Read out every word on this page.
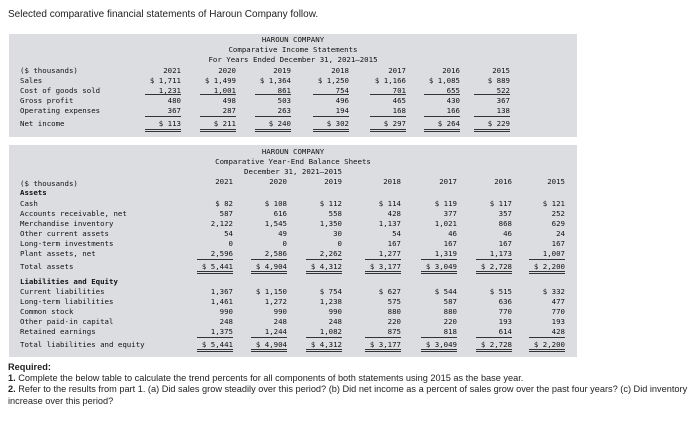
Selected comparative financial statements of Haroun Company follow.
HAROUN COMPANY
Comparative Income Statements
For Years Ended December 31, 2021–2015
($ thousands)	2021	2020	2019	2018	2017	2016	2015
Sales	$ 1,711	$ 1,499	$ 1,364	$ 1,250	$ 1,166	$ 1,085	$ 889
Cost of goods sold	1,231	1,001	861	754	701	655	522
Gross profit	480	498	503	496	465	430	367
Operating expenses	367	287	263	194	168	166	138
Net income	$ 113	$ 211	$ 240	$ 302	$ 297	$ 264	$ 229
HAROUN COMPANY
Comparative Year-End Balance Sheets
December 31, 2021–2015
($ thousands)
Assets
Liabilities and Equity
2021	2020	2019	2018	2017	2016	2015
Cash	$ 82	$ 108	$ 112	$ 114	$ 119	$ 117	$ 121
Accounts receivable, net	587	616	558	428	377	357	252
Merchandise inventory	2,122	1,545	1,350	1,137	1,021	868	629
Other current assets	54	49	30	54	46	46	24
Long-term investments	0	0	0	167	167	167	167
Plant assets, net	2,596	2,586	2,262	1,277	1,319	1,173	1,007
Total assets	$ 5,441	$ 4,904	$ 4,312	$ 3,177	$ 3,049	$ 2,728	$ 2,200
Current liabilities	1,367	$ 1,150	$ 754	$ 627	$ 544	$ 515	$ 332
Long-term liabilities	1,461	1,272	1,238	575	587	636	477
Common stock	990	990	990	880	880	770	770
Other paid-in capital	248	248	248	220	220	193	193
Retained earnings	1,375	1,244	1,082	875	818	614	428
Total liabilities and equity	$ 5,441	$ 4,904	$ 4,312	$ 3,177	$ 3,049	$ 2,728	$ 2,200
Required:
1. Complete the below table to calculate the trend percents for all components of both statements using 2015 as the base year.
2. Refer to the results from part 1. (a) Did sales grow steadily over this period? (b) Did net income as a percent of sales grow over the past four years? (c) Did inventory increase over this period?
